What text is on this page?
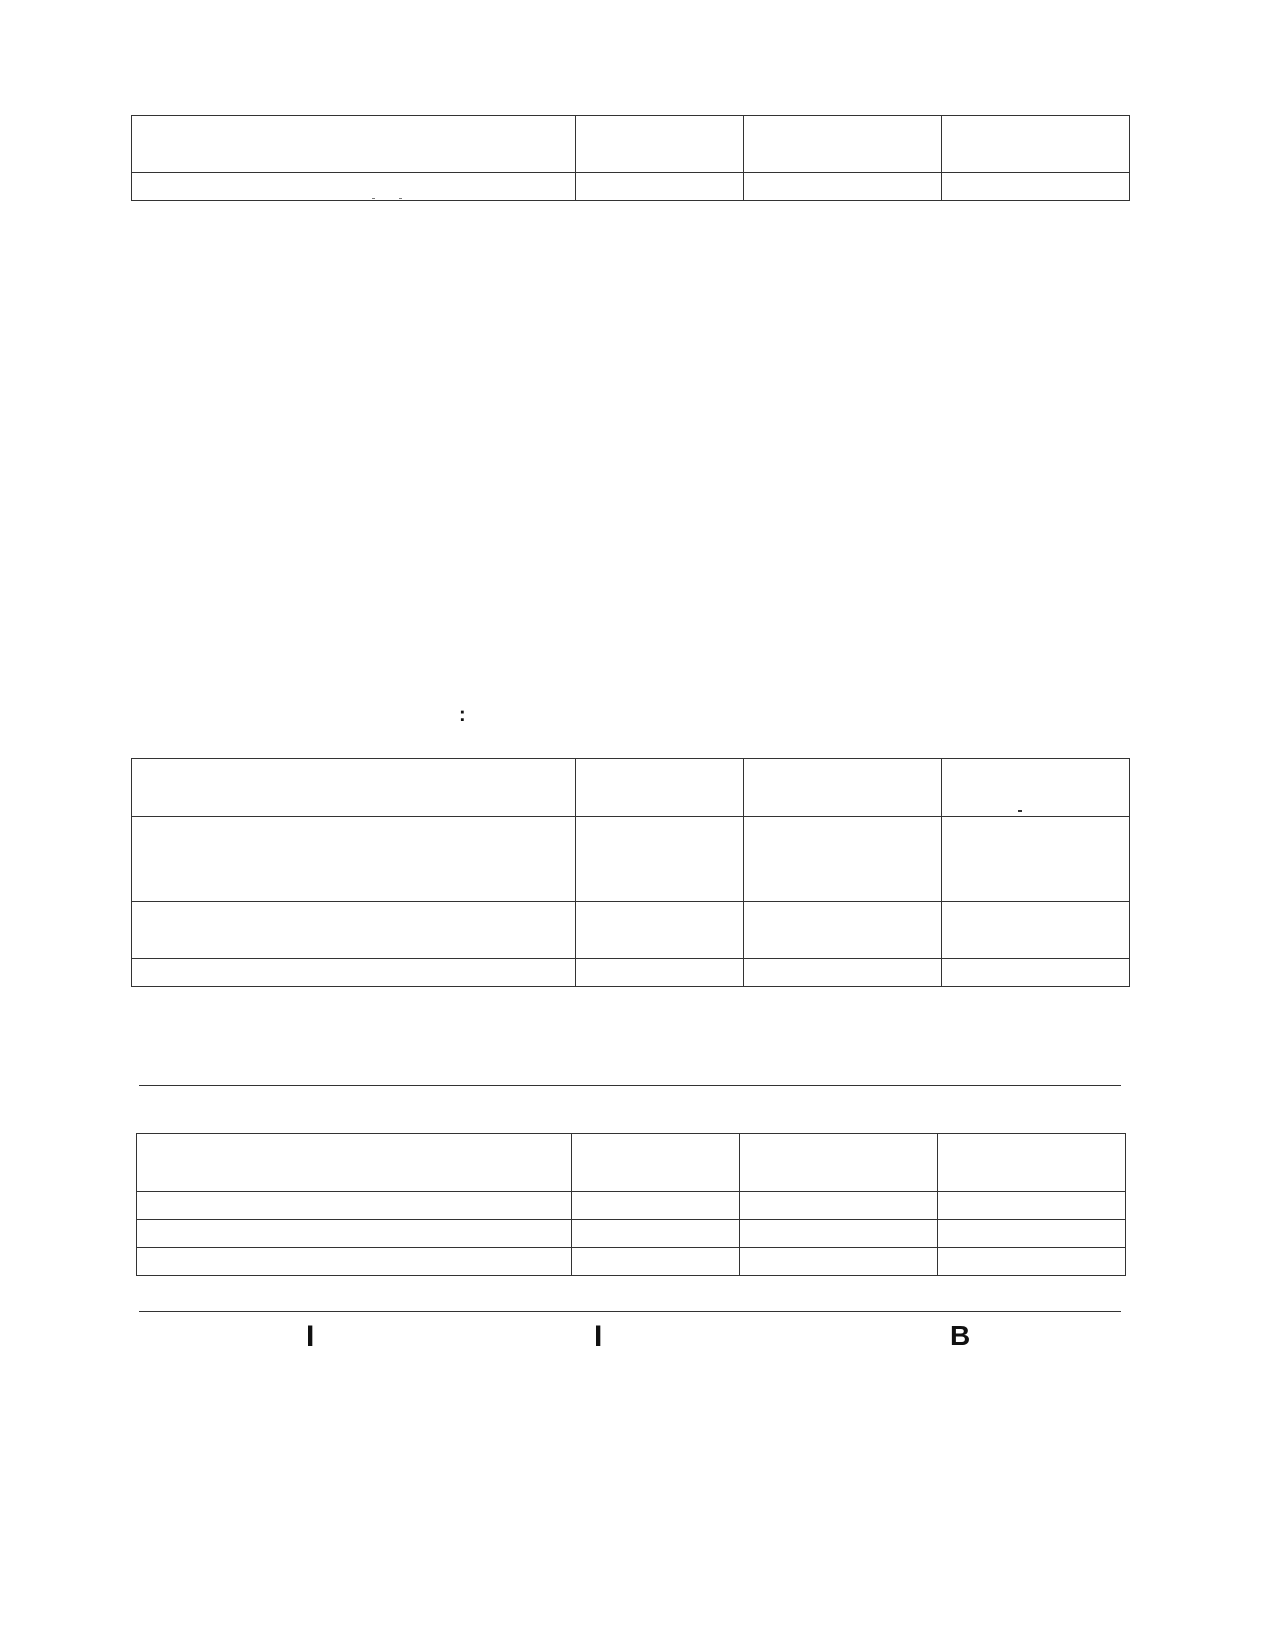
:

I	I	B
